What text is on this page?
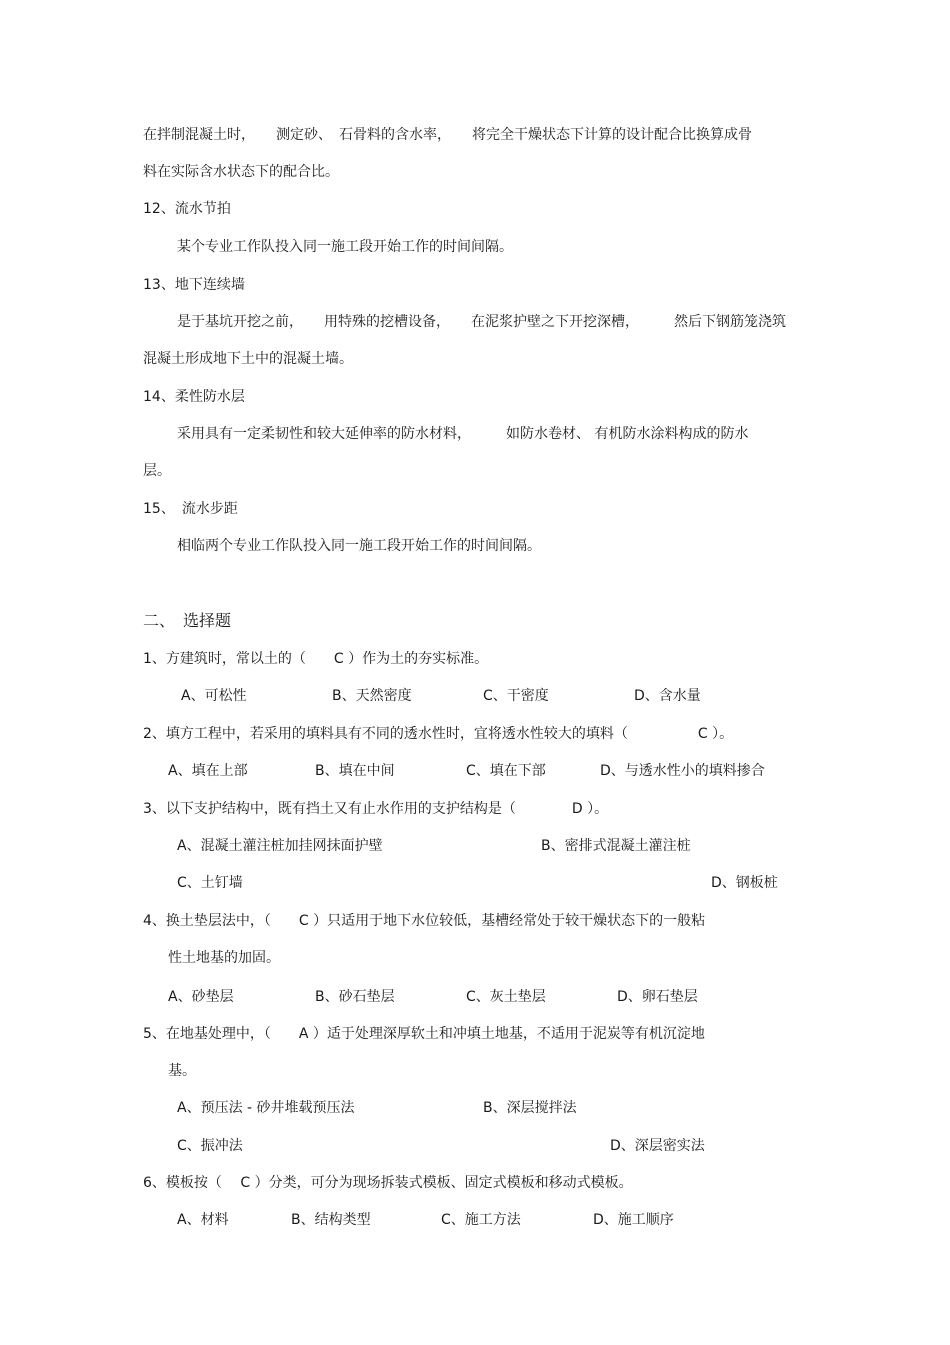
在拌制混凝土时，　　测定砂、　石骨料的含水率，　　将完全干燥状态下计算的设计配合比换算成骨
料在实际含水状态下的配合比。
12、流水节拍
某个专业工作队投入同一施工段开始工作的时间间隔。
13、地下连续墙
是于基坑开挖之前，　　用特殊的挖槽设备，　　在泥浆护壁之下开挖深槽，　　　然后下钢筋笼浇筑
混凝土形成地下土中的混凝土墙。
14、柔性防水层
采用具有一定柔韧性和较大延伸率的防水材料，　　　如防水卷材、 有机防水涂料构成的防水
层。
15、　流水步距
相临两个专业工作队投入同一施工段开始工作的时间间隔。
二、　选择题
1、方建筑时，常以土的（　　C ）作为土的夯实标准。
A、可松性	B、天然密度	C、干密度	D、含水量
2、填方工程中，若采用的填料具有不同的透水性时，宜将透水性较大的填料（　　　　　C ）。
A、填在上部	B、填在中间	C、填在下部	D、与透水性小的填料掺合
3、以下支护结构中，既有挡土又有止水作用的支护结构是（　　　　D ）。
A、混凝土灌注桩加挂网抹面护壁	B、密排式混凝土灌注桩
C、土钉墙	D、钢板桩
4、换土垫层法中，（　　C ）只适用于地下水位较低，基槽经常处于较干燥状态下的一般粘
性土地基的加固。
A、砂垫层	B、砂石垫层	C、灰土垫层	D、卵石垫层
5、在地基处理中，（　　A ）适于处理深厚软土和冲填土地基，不适用于泥炭等有机沉淀地
基。
A、预压法 - 砂井堆载预压法	B、深层搅拌法
C、振冲法	D、深层密实法
6、模板按（　 C ）分类，可分为现场拆装式模板、固定式模板和移动式模板。
A、材料	B、结构类型	C、施工方法	D、施工顺序
